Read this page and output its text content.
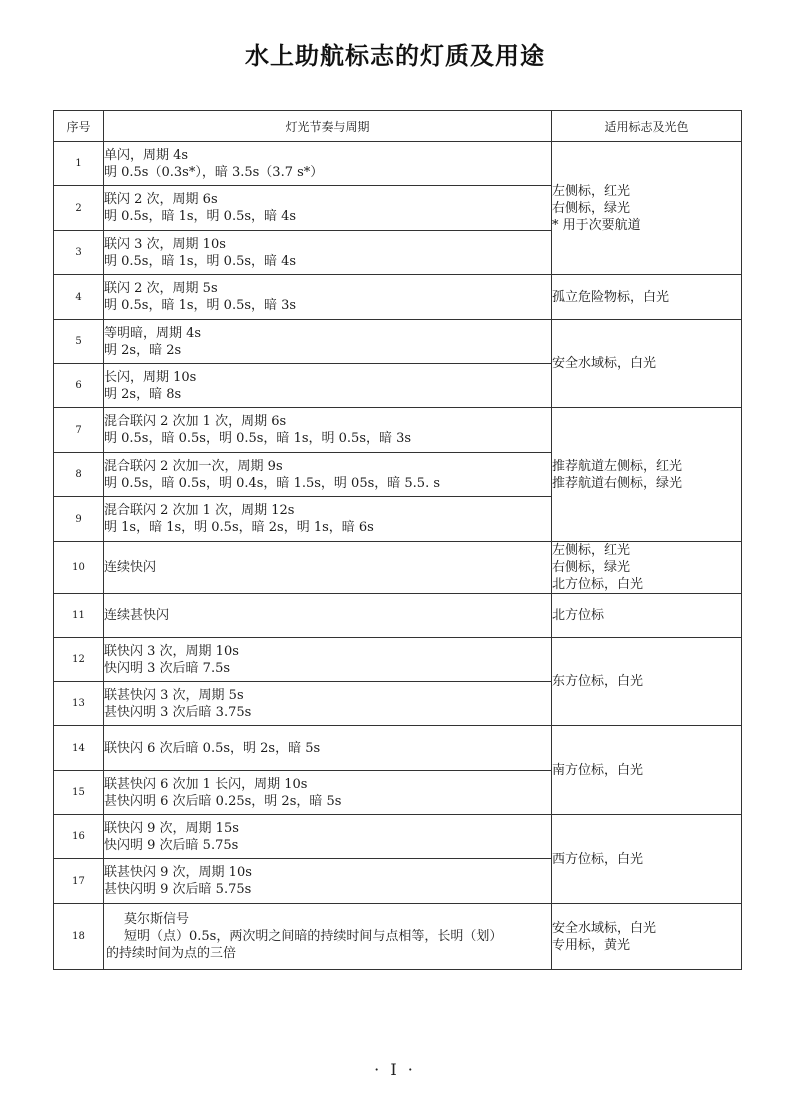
水上助航标志的灯质及用途
序号	灯光节奏与周期	适用标志及光色
1	单闪，周期 4s
明 0.5s（0.3s*），暗 3.5s（3.7 s*）	左侧标，红光
右侧标，绿光
* 用于次要航道

2	联闪 2 次，周期 6s
明 0.5s，暗 1s，明 0.5s，暗 4s	

3	联闪 3 次，周期 10s
明 0.5s，暗 1s，明 0.5s，暗 4s	

4	联闪 2 次，周期 5s
明 0.5s，暗 1s，明 0.5s，暗 3s	孤立危险物标，白光

5	等明暗，周期 4s
明 2s，暗 2s	安全水域标，白光

6	长闪，周期 10s
明 2s，暗 8s	

7	混合联闪 2 次加 1 次，周期 6s
明 0.5s，暗 0.5s，明 0.5s，暗 1s，明 0.5s，暗 3s	推荐航道左侧标，红光
推荐航道右侧标，绿光

8	混合联闪 2 次加一次，周期 9s
明 0.5s，暗 0.5s，明 0.4s，暗 1.5s，明 05s，暗 5.5. s	

9	混合联闪 2 次加 1 次，周期 12s
明 1s，暗 1s，明 0.5s，暗 2s，明 1s，暗 6s	

10	连续快闪	左侧标，红光
右侧标，绿光
北方位标，白光

11	连续甚快闪	北方位标

12	联快闪 3 次，周期 10s
快闪明 3 次后暗 7.5s	东方位标，白光

13	联甚快闪 3 次，周期 5s
甚快闪明 3 次后暗 3.75s	

14	联快闪 6 次后暗 0.5s，明 2s，暗 5s	南方位标，白光

15	联甚快闪 6 次加 1 长闪，周期 10s
甚快闪明 6 次后暗 0.25s，明 2s，暗 5s	

16	联快闪 9 次，周期 15s
快闪明 9 次后暗 5.75s	西方位标，白光

17	联甚快闪 9 次，周期 10s
甚快闪明 9 次后暗 5.75s	

18	莫尔斯信号
短明（点）0.5s，两次明之间暗的持续时间与点相等，长明（划）
的持续时间为点的三倍	安全水域标，白光
专用标，黄光
· I ·
